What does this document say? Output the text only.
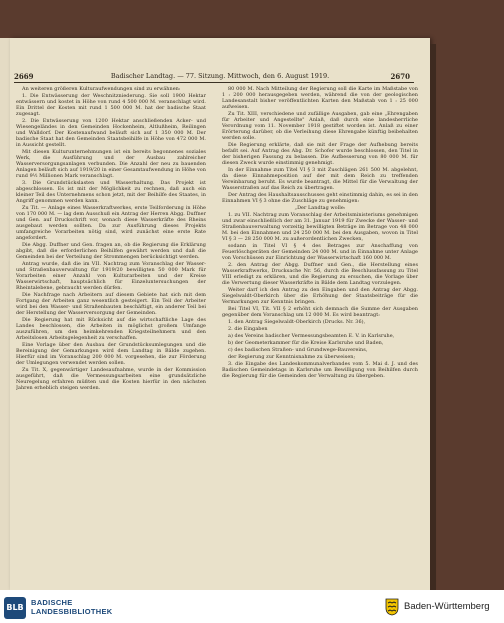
2669	Badischer Landtag. — 77. Sitzung. Mittwoch, den 6. August 1919.	2670

An weiteren größeren Kulturaufwendungen sind zu erwähnen:

1. Die Entwässerung der Weschnitzniederung. Sie soll 1900 Hektar entwässern und kostet in Höhe von rund 4 500 000 M. veranschlagt wird. Ein Drittel der Kosten mit rund 1 500 000 M. hat der badische Staat zugesagt.

2. Die Entwässerung von 1200 Hektar anschließenden Acker- und Wiesengeländes in den Gemeinden Hockenheim, Altlußheim, Reilingen und Walldorf. Der Kostenaufwand beläuft sich auf 1 350 000 M. Der badische Staat hat den Gemeinden Staatsbeihilfe in Höhe von 472 000 M. in Aussicht gestellt.

Mit diesen Kulturunternehmungen ist ein bereits begonnenes soziales Werk, die Ausführung und der Ausbau zahlreicher Wasserversorgungsanlagen verbunden. Die Anzahl der neu zu bauenden Anlagen beläuft sich auf 1919/20 in einer Gesamtaufwendung in Höhe von rund 9½ Millionen Mark veranschlagt.

3. Die Grundstückslasten und Wasserhaltung. Das Projekt ist abgeschlossen. Es ist mit der Möglichkeit zu rechnen, daß auch ein kleiner Teil des Unternehmens schon jetzt, mit der Beihilfe des Staates, in Angriff genommen werden kann.

Zu Tit. — Anlage eines Wasserkraftwerkes, erste Teilforderung in Höhe von 170 000 M. — lag dem Ausschuß ein Antrag der Herren Abgg. Duffner und Gen. auf Druckschrift vor, wonach diese Wasserkräfte des Rheins ausgebaut werden sollten. Da zur Ausführung dieses Projekts umfangreiche Vorarbeiten nötig sind, wird zunächst eine erste Rate angefordert.

Die Abgg. Duffner und Gen. fragen an, ob die Regierung die Erklärung abgibt, daß die erforderlichen Beihilfen gewährt werden und daß die Gemeinden bei der Verteilung der Strommengen berücksichtigt werden.

Antrag wurde, daß die im VII. Nachtrag zum Voranschlag der Wasser- und Straßenbauverwaltung für 1919/20 bewilligten 50 000 Mark für Vorarbeiten einer Anzahl von Kulturarbeiten und der Kreise Wasserwirtschaft, hauptsächlich für Einzeluntersuchungen der Rheintalebene, gebraucht werden dürfen.

Die Nachfrage nach Arbeitern auf diesem Gebiete hat sich mit dem Fortgang der Arbeiten ganz wesentlich gesteigert. Ein Teil der Arbeiter wird bei den Wasser- und Straßenbauten beschäftigt, ein anderer Teil bei der Herstellung der Wasserversorgung der Gemeinden.

Die Regierung hat mit Rücksicht auf die wirtschaftliche Lage des Landes beschlossen, die Arbeiten in möglichst großem Umfange auszuführen, um den heimkehrenden Kriegsteilnehmern und den Arbeitslosen Arbeitsgelegenheit zu verschaffen.

Eine Vorlage über den Ausbau der Grundstücksumlegungen und die Bereinigung der Gemarkungen wird dem Landtag in Bälde zugehen. Hierfür sind im Voranschlag 200 000 M. vorgesehen, die zur Förderung der Umlegungen verwendet werden sollen.

Zu Tit. X, gegenwärtiger Landesaufnahme, wurde in der Kommission ausgeführt, daß die Vermessungsarbeiten eine grundsätzliche Neuregelung erfahren müßten und die Kosten hierfür in den nächsten Jahren erheblich steigen werden.

80 000 M. Nach Mitteilung der Regierung soll die Karte im Maßstabe von 1 : 200 000 herausgegeben werden, während die von der geologischen Landesanstalt bisher veröffentlichten Karten den Maßstab von 1 : 25 000 aufweisen.

Zu Tit. XIII, verschiedene und zufällige Ausgaben, gab eine „Ehrengaben für Arbeiter und Angestellte" Anlaß, daß durch eine landesherrliche Verordnung vom 11. November 1918 gestiftet worden ist. Anlaß zu einer Erörterung darüber, ob die Verleihung diese Ehrengabe künftig beibehalten werden solle.

Die Regierung erklärte, daß sie mit der Frage der Aufhebung bereits befaßt sei. Auf Antrag des Abg. Dr. Schofer wurde beschlossen, den Titel in der bisherigen Fassung zu belassen. Die Aufbesserung von 80 000 M. für diesen Zweck wurde einstimmig genehmigt.

In der Einnahme zum Titel VI § 3 mit Zuschlägen 261 500 M. abgelehnt, da diese Einnahmeposition auf der mit dem Reich zu treffenden Vereinbarung beruht. Es wurde beantragt, die Mittel für die Verwaltung der Wasserstraßen auf das Reich zu übertragen.

Der Antrag des Haushaltsausschusses geht einstimmig dahin, es sei in den Einnahmen VI § 3 ohne die Zuschläge zu genehmigen:

„Der Landtag wolle:

1. zu VII. Nachtrag zum Voranschlag der Arbeitsministeriums genehmigen und zwar einschließlich der am 31. Januar 1919 für Zwecke der Wasser- und Straßenbauverwaltung vorzeitig bewilligten Beträge im Betrage von 48 000 M. bei den Einnahmen und 24 250 000 M. bei den Ausgaben, wovon in Titel VI § 3 — 28 250 000 M. zu außerordentlichen Zwecken,

sodann in Titel VI § 4 des Betrages zur Anschaffung von Feuerlöschgeräten der Gemeinden 24 000 M. und in Einnahme unter Anlage von Vorschüssen zur Einrichtung der Wasserwirtschaft 160 000 M.

2. den Antrag der Abgg. Duffner und Gen., die Herstellung eines Wasserkraftwerks, Drucksache Nr. 56, durch die Beschlussfassung zu Titel VIII erledigt zu erklären, und die Regierung zu ersuchen, die Vorlage über die Verwertung dieser Wasserkräfte in Bälde dem Landtag vorzulegen.

Weiter darf ich den Antrag zu den Eingaben und den Antrag der Abgg. Siegelwaldt-Oberkirch über die Erhöhung der Staatsbeiträge für die Vermarkungen zur Kenntnis bringen.

Bei Titel VI, Tit. VII § 2 erhöht sich demnach die Summe der Ausgaben gegenüber dem Voranschlag um 12 000 M. Es wird beantragt:

1. den Antrag Siegelwaldt-Oberkirch (Drucks. Nr. 36),

2. die Eingaben

a) des Vereins badischer Vermessungsbeamten E. V. in Karlsruhe,

b) der Geometerkammer für die Kreise Karlsruhe und Baden,

c) des badischen Straßen- und Grundwege-Bauvereins,

der Regierung zur Kenntnisnahme zu überweisen;

3. die Eingabe des Landeskommunalverbandes vom 5. Mai d. J. und des Badischen Gemeindetags in Karlsruhe um Bewilligung von Beihilfen durch die Regierung für die Gemeinden der Verwaltung zu übergeben.

BLB
BADISCHE
LANDESBIBLIOTHEK	Baden-Württemberg
